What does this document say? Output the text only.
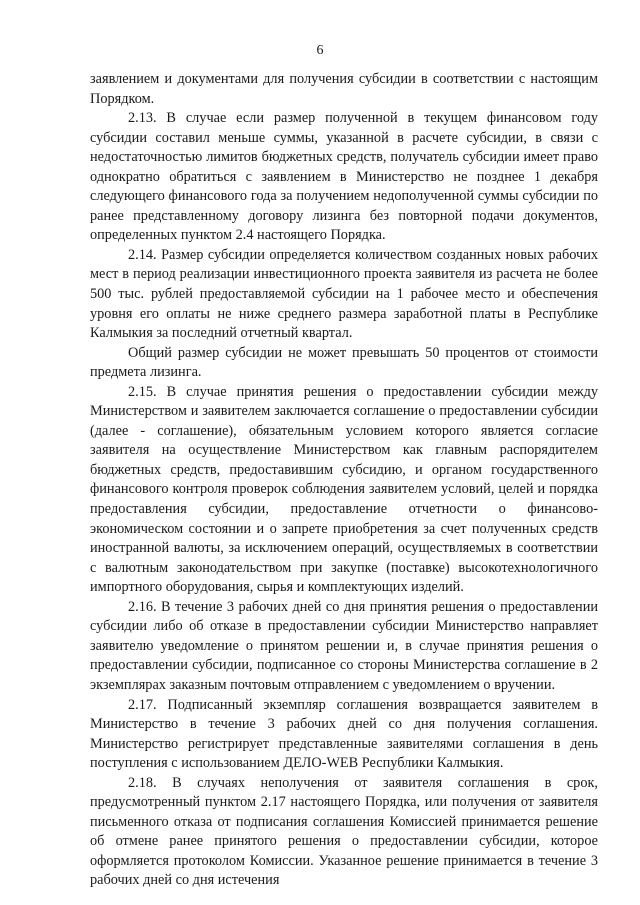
6

заявлением и документами для получения субсидии в соответствии с настоящим Порядком.

2.13. В случае если размер полученной в текущем финансовом году субсидии составил меньше суммы, указанной в расчете субсидии, в связи с недостаточностью лимитов бюджетных средств, получатель субсидии имеет право однократно обратиться с заявлением в Министерство не позднее 1 декабря следующего финансового года за получением недополученной суммы субсидии по ранее представленному договору лизинга без повторной подачи документов, определенных пунктом 2.4 настоящего Порядка.

2.14. Размер субсидии определяется количеством созданных новых рабочих мест в период реализации инвестиционного проекта заявителя из расчета не более 500 тыс. рублей предоставляемой субсидии на 1 рабочее место и обеспечения уровня его оплаты не ниже среднего размера заработной платы в Республике Калмыкия за последний отчетный квартал.

Общий размер субсидии не может превышать 50 процентов от стоимости предмета лизинга.

2.15. В случае принятия решения о предоставлении субсидии между Министерством и заявителем заключается соглашение о предоставлении субсидии (далее - соглашение), обязательным условием которого является согласие заявителя на осуществление Министерством как главным распорядителем бюджетных средств, предоставившим субсидию, и органом государственного финансового контроля проверок соблюдения заявителем условий, целей и порядка предоставления субсидии, предоставление отчетности о финансово-экономическом состоянии и о запрете приобретения за счет полученных средств иностранной валюты, за исключением операций, осуществляемых в соответствии с валютным законодательством при закупке (поставке) высокотехнологичного импортного оборудования, сырья и комплектующих изделий.

2.16. В течение 3 рабочих дней со дня принятия решения о предоставлении субсидии либо об отказе в предоставлении субсидии Министерство направляет заявителю уведомление о принятом решении и, в случае принятия решения о предоставлении субсидии, подписанное со стороны Министерства соглашение в 2 экземплярах заказным почтовым отправлением с уведомлением о вручении.

2.17. Подписанный экземпляр соглашения возвращается заявителем в Министерство в течение 3 рабочих дней со дня получения соглашения. Министерство регистрирует представленные заявителями соглашения в день поступления с использованием ДЕЛО-WEB Республики Калмыкия.

2.18. В случаях неполучения от заявителя соглашения в срок, предусмотренный пунктом 2.17 настоящего Порядка, или получения от заявителя письменного отказа от подписания соглашения Комиссией принимается решение об отмене ранее принятого решения о предоставлении субсидии, которое оформляется протоколом Комиссии. Указанное решение принимается в течение 3 рабочих дней со дня истечения
